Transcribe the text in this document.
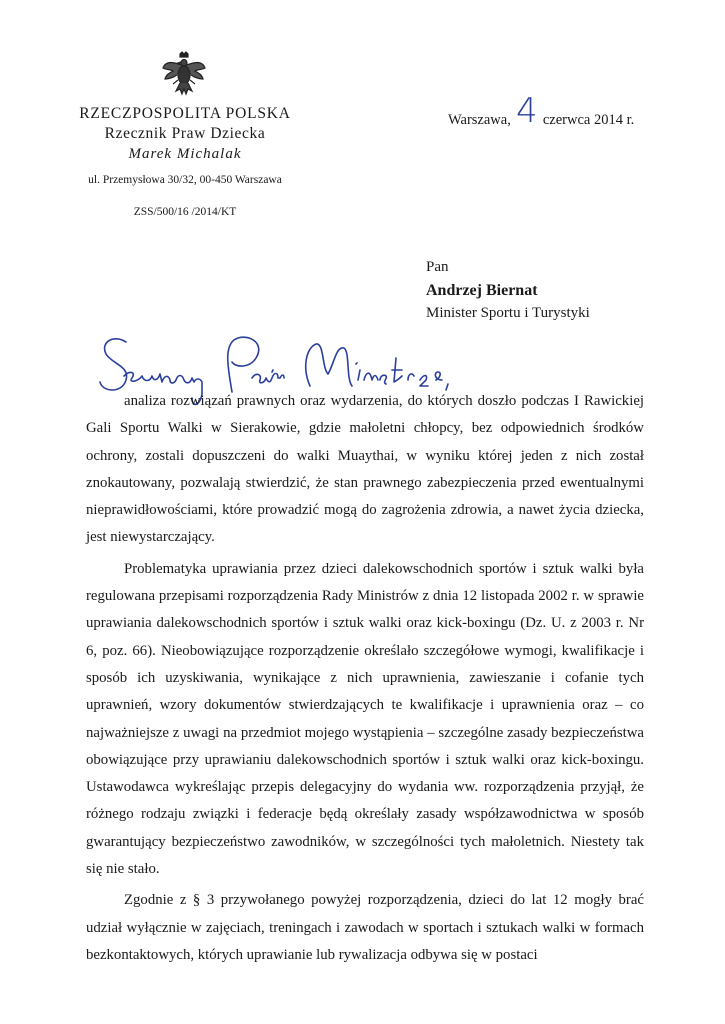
RZECZPOSPOLITA POLSKA
Rzecznik Praw Dziecka
Marek Michalak
ul. Przemysłowa 30/32, 00-450 Warszawa
ZSS/500/16 /2014/KT
Warszawa, 4 czerwca 2014 r.
Pan
Andrzej Biernat
Minister Sportu i Turystyki

analiza rozwiązań prawnych oraz wydarzenia, do których doszło podczas I Rawickiej Gali Sportu Walki w Sierakowie, gdzie małoletni chłopcy, bez odpowiednich środków ochrony, zostali dopuszczeni do walki Muaythai, w wyniku której jeden z nich został znokautowany, pozwalają stwierdzić, że stan prawnego zabezpieczenia przed ewentualnymi nieprawidłowościami, które prowadzić mogą do zagrożenia zdrowia, a nawet życia dziecka, jest niewystarczający.

Problematyka uprawiania przez dzieci dalekowschodnich sportów i sztuk walki była regulowana przepisami rozporządzenia Rady Ministrów z dnia 12 listopada 2002 r. w sprawie uprawiania dalekowschodnich sportów i sztuk walki oraz kick-boxingu (Dz. U. z 2003 r. Nr 6, poz. 66). Nieobowiązujące rozporządzenie określało szczegółowe wymogi, kwalifikacje i sposób ich uzyskiwania, wynikające z nich uprawnienia, zawieszanie i cofanie tych uprawnień, wzory dokumentów stwierdzających te kwalifikacje i uprawnienia oraz – co najważniejsze z uwagi na przedmiot mojego wystąpienia – szczególne zasady bezpieczeństwa obowiązujące przy uprawianiu dalekowschodnich sportów i sztuk walki oraz kick-boxingu. Ustawodawca wykreślając przepis delegacyjny do wydania ww. rozporządzenia przyjął, że różnego rodzaju związki i federacje będą określały zasady współzawodnictwa w sposób gwarantujący bezpieczeństwo zawodników, w szczególności tych małoletnich. Niestety tak się nie stało.

Zgodnie z § 3 przywołanego powyżej rozporządzenia, dzieci do lat 12 mogły brać udział wyłącznie w zajęciach, treningach i zawodach w sportach i sztukach walki w formach bezkontaktowych, których uprawianie lub rywalizacja odbywa się w postaci
